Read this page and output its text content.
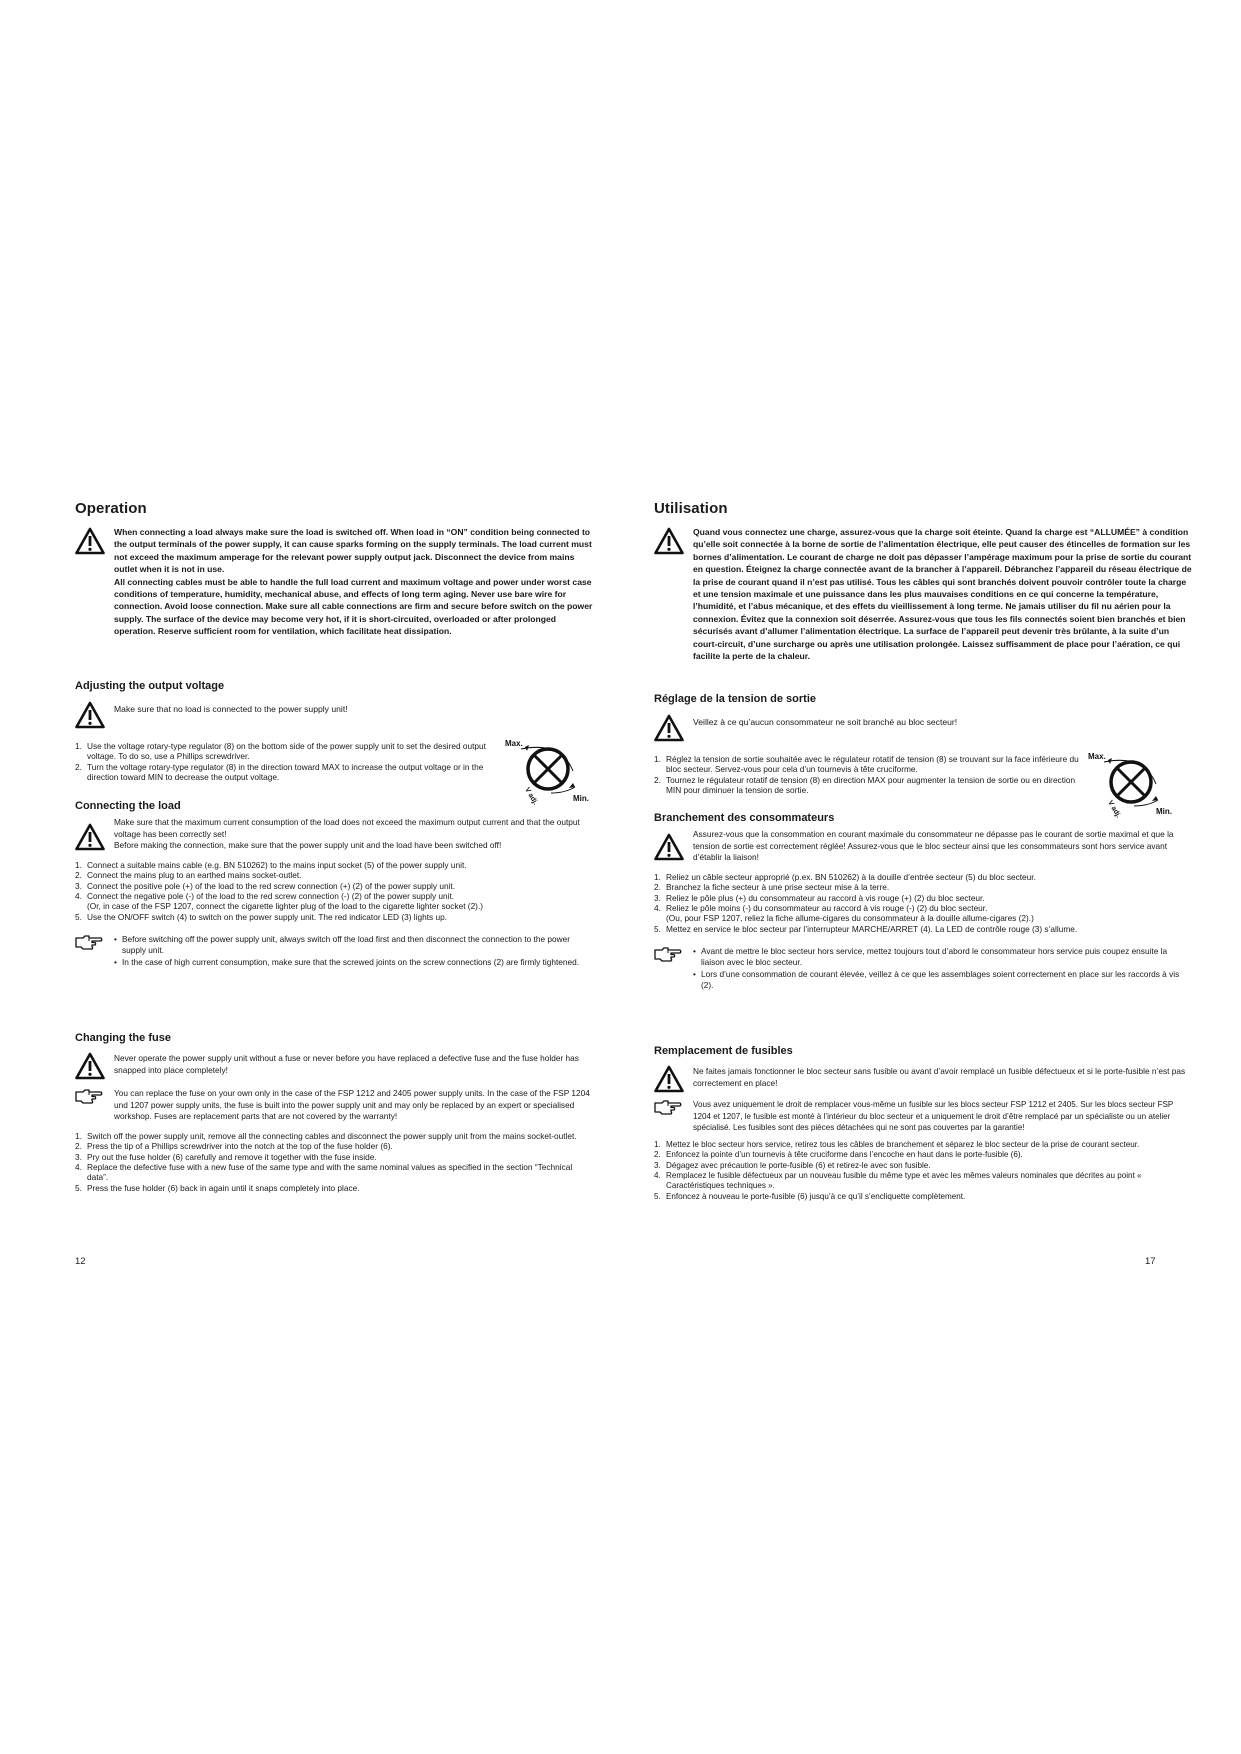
Operation
When connecting a load always make sure the load is switched off. When load in “ON” condition being connected to the output terminals of the power supply, it can cause sparks forming on the supply terminals. The load current must not exceed the maximum amperage for the relevant power supply output jack. Disconnect the device from mains outlet when it is not in use.
All connecting cables must be able to handle the full load current and maximum voltage and power under worst case conditions of temperature, humidity, mechanical abuse, and effects of long term aging. Never use bare wire for connection. Avoid loose connection. Make sure all cable connections are firm and secure before switch on the power supply. The surface of the device may become very hot, if it is short-circuited, overloaded or after prolonged operation. Reserve sufficient room for ventilation, which facilitate heat dissipation.
Adjusting the output voltage
Make sure that no load is connected to the power supply unit!
1. Use the voltage rotary-type regulator (8) on the bottom side of the power supply unit to set the desired output voltage. To do so, use a Phillips screwdriver.
2. Turn the voltage rotary-type regulator (8) in the direction toward MAX to increase the output voltage or in the direction toward MIN to decrease the output voltage.
Max.
Min.
V adj.
Connecting the load
Make sure that the maximum current consumption of the load does not exceed the maximum output current and that the output voltage has been correctly set!
Before making the connection, make sure that the power supply unit and the load have been switched off!
1. Connect a suitable mains cable (e.g. BN 510262) to the mains input socket (5) of the power supply unit.
2. Connect the mains plug to an earthed mains socket-outlet.
3. Connect the positive pole (+) of the load to the red screw connection (+) (2) of the power supply unit.
4. Connect the negative pole (-) of the load to the red screw connection (-) (2) of the power supply unit.
(Or, in case of the FSP 1207, connect the cigarette lighter plug of the load to the cigarette lighter socket (2).)
5. Use the ON/OFF switch (4) to switch on the power supply unit. The red indicator LED (3) lights up.
• Before switching off the power supply unit, always switch off the load first and then disconnect the connection to the power supply unit.
• In the case of high current consumption, make sure that the screwed joints on the screw connections (2) are firmly tightened.
Changing the fuse
Never operate the power supply unit without a fuse or never before you have replaced a defective fuse and the fuse holder has snapped into place completely!
You can replace the fuse on your own only in the case of the FSP 1212 and 2405 power supply units. In the case of the FSP 1204 und 1207 power supply units, the fuse is built into the power supply unit and may only be replaced by an expert or specialised workshop. Fuses are replacement parts that are not covered by the warranty!
1. Switch off the power supply unit, remove all the connecting cables and disconnect the power supply unit from the mains socket-outlet.
2. Press the tip of a Phillips screwdriver into the notch at the top of the fuse holder (6).
3. Pry out the fuse holder (6) carefully and remove it together with the fuse inside.
4. Replace the defective fuse with a new fuse of the same type and with the same nominal values as specified in the section “Technical data”.
5. Press the fuse holder (6) back in again until it snaps completely into place.
12
Utilisation
Quand vous connectez une charge, assurez-vous que la charge soit éteinte. Quand la charge est “ALLUMÉE” à condition qu’elle soit connectée à la borne de sortie de l’alimentation électrique, elle peut causer des étincelles de formation sur les bornes d’alimentation. Le courant de charge ne doit pas dépasser l’ampérage maximum pour la prise de sortie du courant en question. Éteignez la charge connectée avant de la brancher à l’appareil. Débranchez l’appareil du réseau électrique de la prise de courant quand il n’est pas utilisé. Tous les câbles qui sont branchés doivent pouvoir contrôler toute la charge et une tension maximale et une puissance dans les plus mauvaises conditions en ce qui concerne la température, l’humidité, et l’abus mécanique, et des effets du vieillissement à long terme. Ne jamais utiliser du fil nu aérien pour la connexion. Évitez que la connexion soit déserrée. Assurez-vous que tous les fils connectés soient bien branchés et bien sécurisés avant d’allumer l’alimentation électrique. La surface de l’appareil peut devenir très brûlante, à la suite d’un court-circuit, d’une surcharge ou après une utilisation prolongée. Laissez suffisamment de place pour l’aération, ce qui facilite la perte de la chaleur.
Réglage de la tension de sortie
Veillez à ce qu’aucun consommateur ne soit branché au bloc secteur!
1. Réglez la tension de sortie souhaitée avec le régulateur rotatif de tension (8) se trouvant sur la face inférieure du bloc secteur. Servez-vous pour cela d’un tournevis à tête cruciforme.
2. Tournez le régulateur rotatif de tension (8) en direction MAX pour augmenter la tension de sortie ou en direction MIN pour diminuer la tension de sortie.
Max.
Min.
V adj.
Branchement des consommateurs
Assurez-vous que la consommation en courant maximale du consommateur ne dépasse pas le courant de sortie maximal et que la tension de sortie est correctement réglée! Assurez-vous que le bloc secteur ainsi que les consommateurs sont hors service avant d’établir la liaison!
1. Reliez un câble secteur approprié (p.ex. BN 510262) à la douille d’entrée secteur (5) du bloc secteur.
2. Branchez la fiche secteur à une prise secteur mise à la terre.
3. Reliez le pôle plus (+) du consommateur au raccord à vis rouge (+) (2) du bloc secteur.
4. Reliez le pôle moins (-) du consommateur au raccord à vis rouge (-) (2) du bloc secteur.
(Ou, pour FSP 1207, reliez la fiche allume-cigares du consommateur à la douille allume-cigares (2).)
5. Mettez en service le bloc secteur par l’interrupteur MARCHE/ARRET (4). La LED de contrôle rouge (3) s’allume.
• Avant de mettre le bloc secteur hors service, mettez toujours tout d’abord le consommateur hors service puis coupez ensuite la liaison avec le bloc secteur.
• Lors d’une consommation de courant élevée, veillez à ce que les assemblages soient correctement en place sur les raccords à vis (2).
Remplacement de fusibles
Ne faites jamais fonctionner le bloc secteur sans fusible ou avant d’avoir remplacé un fusible défectueux et si le porte-fusible n’est pas correctement en place!
Vous avez uniquement le droit de remplacer vous-même un fusible sur les blocs secteur FSP 1212 et 2405. Sur les blocs secteur FSP 1204 et 1207, le fusible est monté à l’intérieur du bloc secteur et a uniquement le droit d’être remplacé par un spécialiste ou un atelier spécialisé. Les fusibles sont des pièces détachées qui ne sont pas couvertes par la garantie!
1. Mettez le bloc secteur hors service, retirez tous les câbles de branchement et séparez le bloc secteur de la prise de courant secteur.
2. Enfoncez la pointe d’un tournevis à tête cruciforme dans l’encoche en haut dans le porte-fusible (6).
3. Dégagez avec précaution le porte-fusible (6) et retirez-le avec son fusible.
4. Remplacez le fusible défectueux par un nouveau fusible du même type et avec les mêmes valeurs nominales que décrites au point « Caractéristiques techniques ».
5. Enfoncez à nouveau le porte-fusible (6) jusqu’à ce qu’il s’encliquette complètement.
17
